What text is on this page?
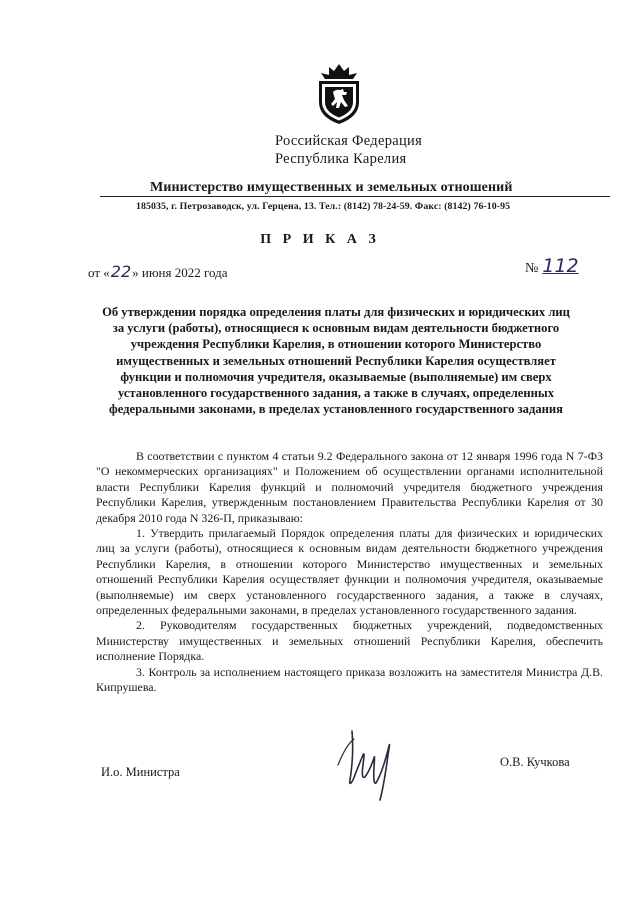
Российская Федерация
Республика Карелия
Министерство имущественных и земельных отношений
185035, г. Петрозаводск, ул. Герцена, 13. Тел.: (8142) 78-24-59. Факс: (8142) 76-10-95
П Р И К А З
от «22» июня 2022 года	№ 112
Об утверждении порядка определения платы для физических и юридических лиц за услуги (работы), относящиеся к основным видам деятельности бюджетного учреждения Республики Карелия, в отношении которого Министерство имущественных и земельных отношений Республики Карелия осуществляет функции и полномочия учредителя, оказываемые (выполняемые) им сверх установленного государственного задания, а также в случаях, определенных федеральными законами, в пределах установленного государственного задания

В соответствии с пунктом 4 статьи 9.2 Федерального закона от 12 января 1996 года N 7-ФЗ "О некоммерческих организациях" и Положением об осуществлении органами исполнительной власти Республики Карелия функций и полномочий учредителя бюджетного учреждения Республики Карелия, утвержденным постановлением Правительства Республики Карелия от 30 декабря 2010 года N 326-П, приказываю:

1. Утвердить прилагаемый Порядок определения платы для физических и юридических лиц за услуги (работы), относящиеся к основным видам деятельности бюджетного учреждения Республики Карелия, в отношении которого Министерство имущественных и земельных отношений Республики Карелия осуществляет функции и полномочия учредителя, оказываемые (выполняемые) им сверх установленного государственного задания, а также в случаях, определенных федеральными законами, в пределах установленного государственного задания.

2. Руководителям государственных бюджетных учреждений, подведомственных Министерству имущественных и земельных отношений Республики Карелия, обеспечить исполнение Порядка.

3. Контроль за исполнением настоящего приказа возложить на заместителя Министра Д.В. Кипрушева.

И.о. Министра
О.В. Кучкова
